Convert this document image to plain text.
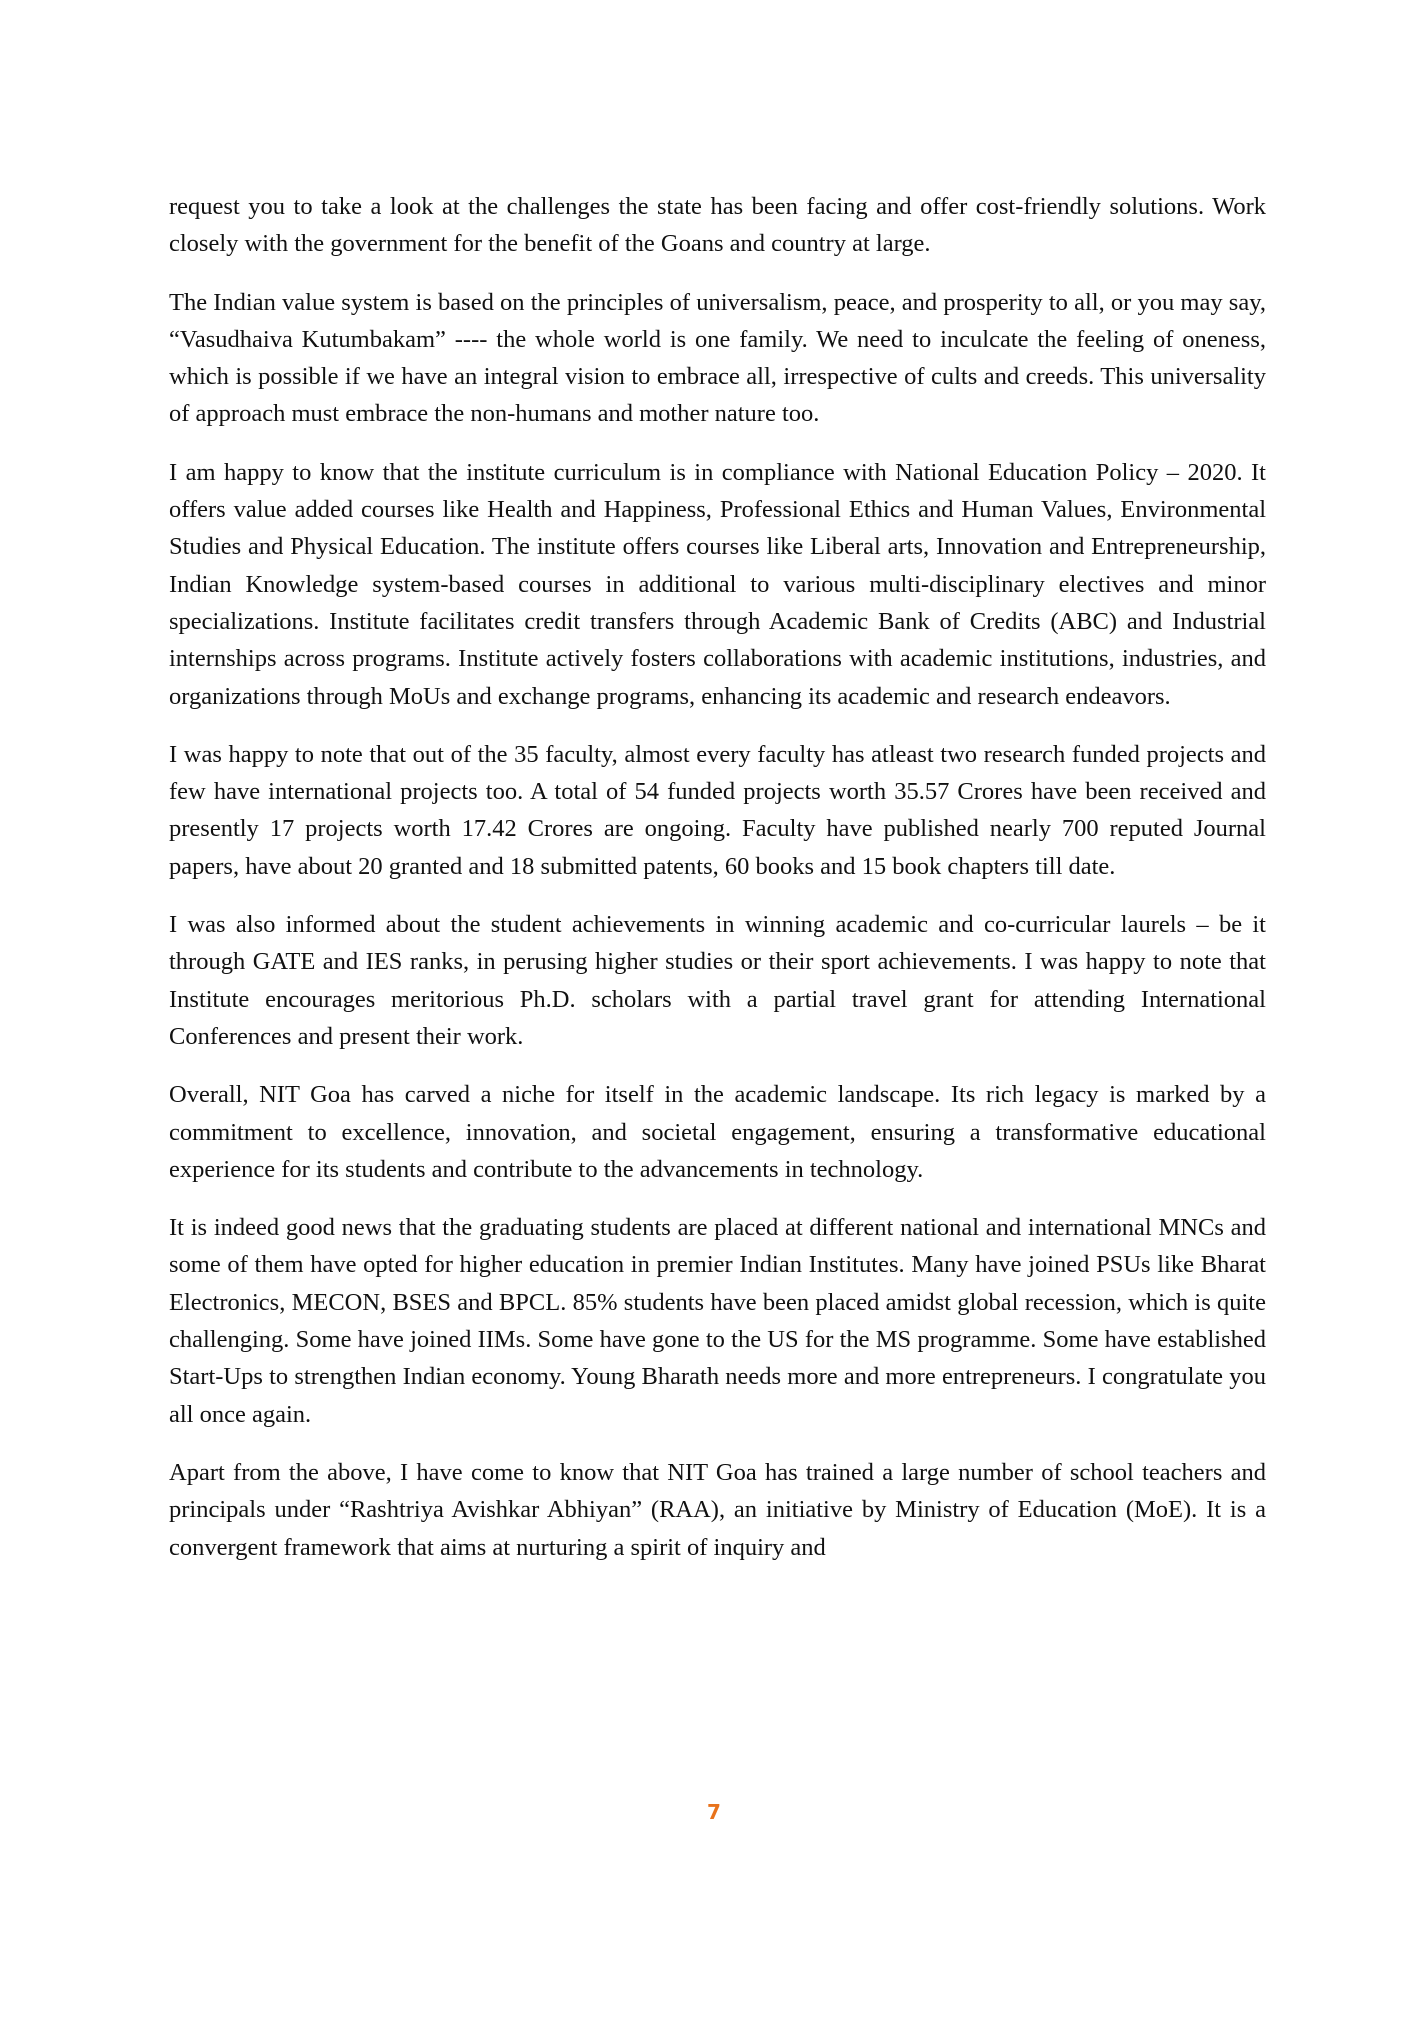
request you to take a look at the challenges the state has been facing and offer cost-friendly solutions. Work closely with the government for the benefit of the Goans and country at large.

The Indian value system is based on the principles of universalism, peace, and prosperity to all, or you may say, “Vasudhaiva Kutumbakam” ---- the whole world is one family. We need to inculcate the feeling of oneness, which is possible if we have an integral vision to embrace all, irrespective of cults and creeds. This universality of approach must embrace the non-humans and mother nature too.

I am happy to know that the institute curriculum is in compliance with National Education Policy – 2020. It offers value added courses like Health and Happiness, Professional Ethics and Human Values, Environmental Studies and Physical Education. The institute offers courses like Liberal arts, Innovation and Entrepreneurship, Indian Knowledge system-based courses in additional to various multi-disciplinary electives and minor specializations. Institute facilitates credit transfers through Academic Bank of Credits (ABC) and Industrial internships across programs. Institute actively fosters collaborations with academic institutions, industries, and organizations through MoUs and exchange programs, enhancing its academic and research endeavors.

I was happy to note that out of the 35 faculty, almost every faculty has atleast two research funded projects and few have international projects too. A total of 54 funded projects worth 35.57 Crores have been received and presently 17 projects worth 17.42 Crores are ongoing. Faculty have published nearly 700 reputed Journal papers, have about 20 granted and 18 submitted patents, 60 books and 15 book chapters till date.

I was also informed about the student achievements in winning academic and co-curricular laurels – be it through GATE and IES ranks, in perusing higher studies or their sport achievements. I was happy to note that Institute encourages meritorious Ph.D. scholars with a partial travel grant for attending International Conferences and present their work.

Overall, NIT Goa has carved a niche for itself in the academic landscape. Its rich legacy is marked by a commitment to excellence, innovation, and societal engagement, ensuring a transformative educational experience for its students and contribute to the advancements in technology.

It is indeed good news that the graduating students are placed at different national and international MNCs and some of them have opted for higher education in premier Indian Institutes. Many have joined PSUs like Bharat Electronics, MECON, BSES and BPCL. 85% students have been placed amidst global recession, which is quite challenging. Some have joined IIMs. Some have gone to the US for the MS programme. Some have established Start-Ups to strengthen Indian economy. Young Bharath needs more and more entrepreneurs. I congratulate you all once again.

Apart from the above, I have come to know that NIT Goa has trained a large number of school teachers and principals under “Rashtriya Avishkar Abhiyan” (RAA), an initiative by Ministry of Education (MoE). It is a convergent framework that aims at nurturing a spirit of inquiry and

7
